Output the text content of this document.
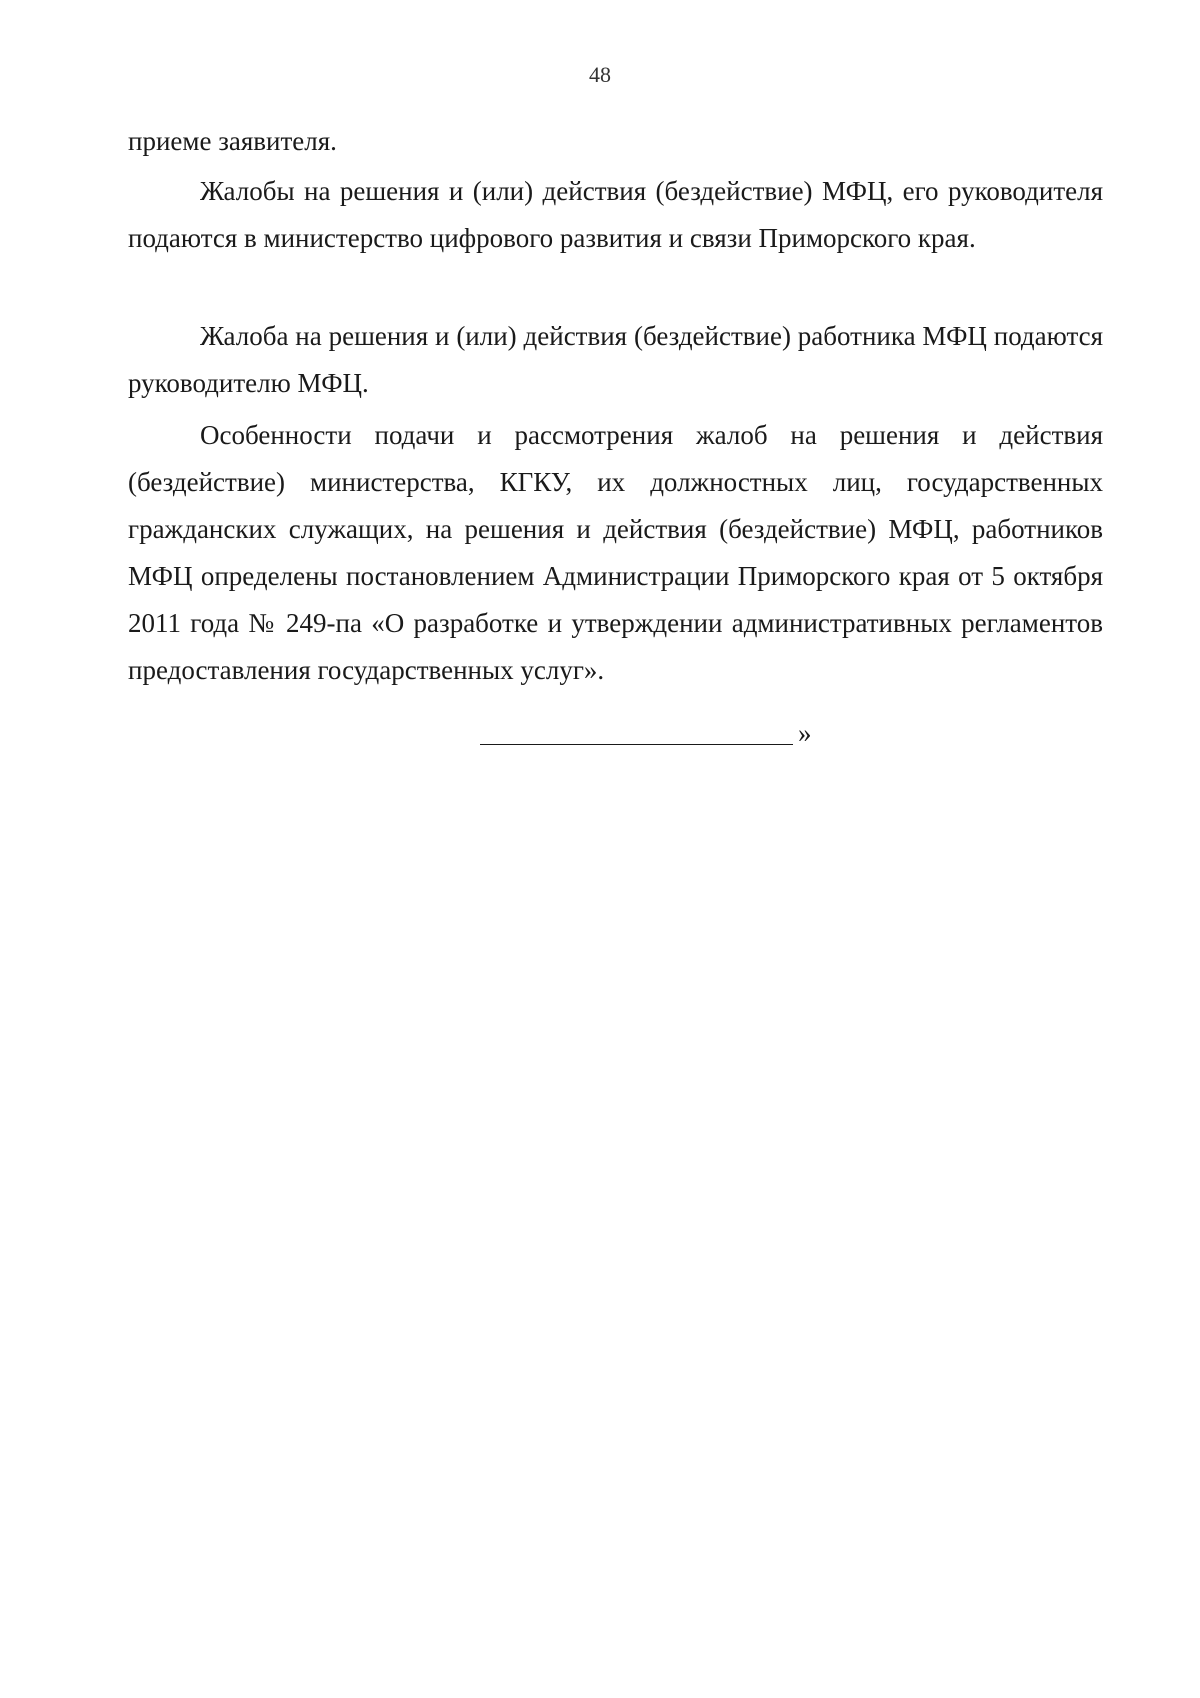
48

приеме заявителя.

Жалобы на решения и (или) действия (бездействие) МФЦ, его руководителя подаются в министерство цифрового развития и связи Приморского края.

Жалоба на решения и (или) действия (бездействие) работника МФЦ подаются руководителю МФЦ.

Особенности подачи и рассмотрения жалоб на решения и действия (бездействие) министерства, КГКУ, их должностных лиц, государственных гражданских служащих, на решения и действия (бездействие) МФЦ, работников МФЦ определены постановлением Администрации Приморского края от 5 октября 2011 года № 249-па «О разработке и утверждении административных регламентов предоставления государственных услуг».

»
